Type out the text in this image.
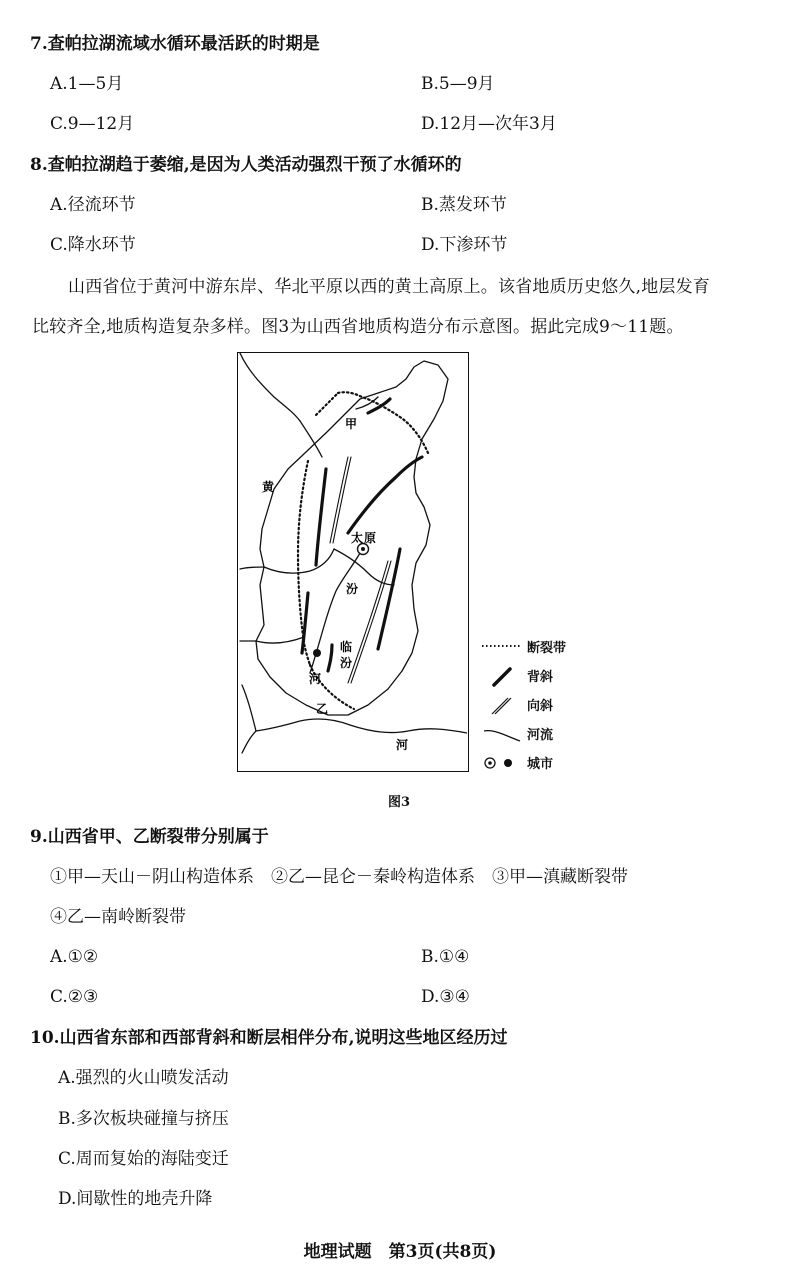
7.查帕拉湖流域水循环最活跃的时期是
A.1—5月	B.5—9月
C.9—12月	D.12月—次年3月
8.查帕拉湖趋于萎缩,是因为人类活动强烈干预了水循环的
A.径流环节	B.蒸发环节
C.降水环节	D.下渗环节
山西省位于黄河中游东岸、华北平原以西的黄土高原上。该省地质历史悠久,地层发育
比较齐全,地质构造复杂多样。图3为山西省地质构造分布示意图。据此完成9～11题。
甲
黄
太 原
汾
临
汾
河
乙
河
断裂带
背斜
向斜
河流
城市
图3
9.山西省甲、乙断裂带分别属于
①甲—天山－阴山构造体系　②乙—昆仑－秦岭构造体系　③甲—滇藏断裂带
④乙—南岭断裂带
A.①②	B.①④
C.②③	D.③④
10.山西省东部和西部背斜和断层相伴分布,说明这些地区经历过
A.强烈的火山喷发活动
B.多次板块碰撞与挤压
C.周而复始的海陆变迁
D.间歇性的地壳升降
地理试题　第3页(共8页)
